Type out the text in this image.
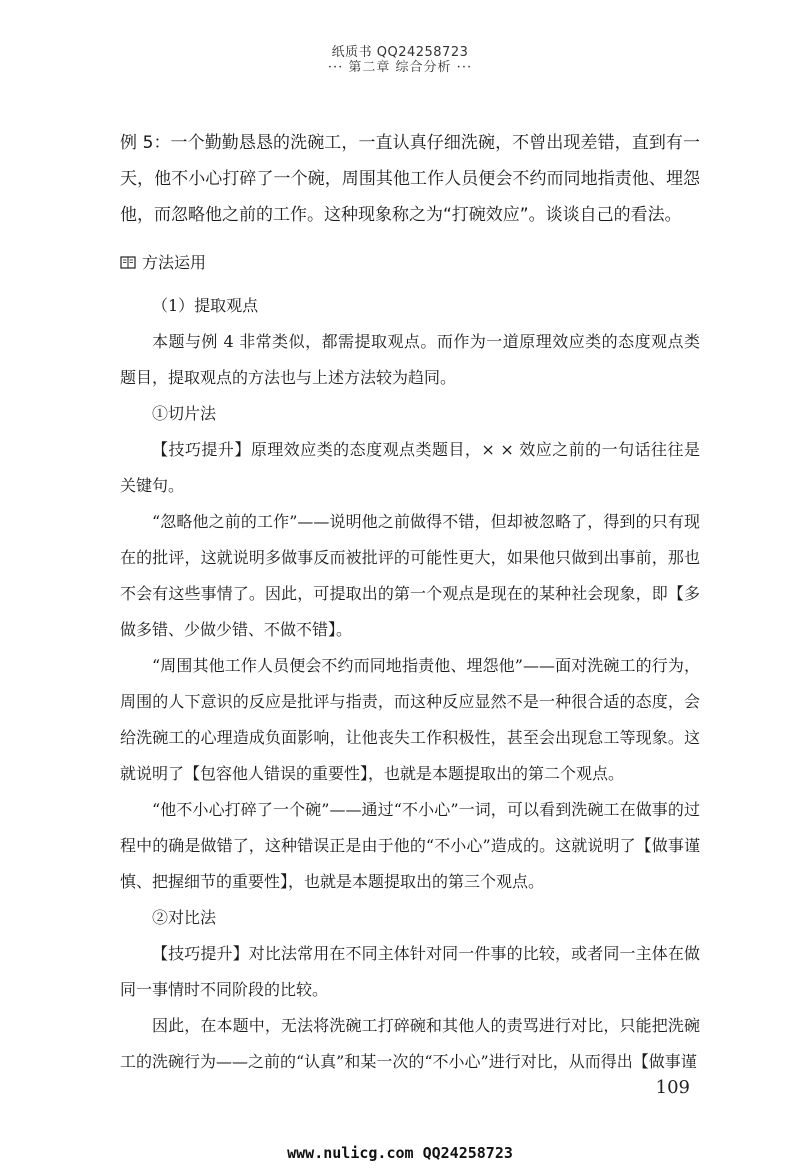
纸质书 QQ24258723
··· 第二章 综合分析 ···

例 5：一个勤勤恳恳的洗碗工，一直认真仔细洗碗，不曾出现差错，直到有一天，他不小心打碎了一个碗，周围其他工作人员便会不约而同地指责他、埋怨他，而忽略他之前的工作。这种现象称之为“打碗效应”。谈谈自己的看法。

方法运用

（1）提取观点

本题与例 4 非常类似，都需提取观点。而作为一道原理效应类的态度观点类题目，提取观点的方法也与上述方法较为趋同。

①切片法

【技巧提升】原理效应类的态度观点类题目，× × 效应之前的一句话往往是关键句。

“忽略他之前的工作”——说明他之前做得不错，但却被忽略了，得到的只有现在的批评，这就说明多做事反而被批评的可能性更大，如果他只做到出事前，那也不会有这些事情了。因此，可提取出的第一个观点是现在的某种社会现象，即【多做多错、少做少错、不做不错】。

“周围其他工作人员便会不约而同地指责他、埋怨他”——面对洗碗工的行为，周围的人下意识的反应是批评与指责，而这种反应显然不是一种很合适的态度，会给洗碗工的心理造成负面影响，让他丧失工作积极性，甚至会出现怠工等现象。这就说明了【包容他人错误的重要性】，也就是本题提取出的第二个观点。

“他不小心打碎了一个碗”——通过“不小心”一词，可以看到洗碗工在做事的过程中的确是做错了，这种错误正是由于他的“不小心”造成的。这就说明了【做事谨慎、把握细节的重要性】，也就是本题提取出的第三个观点。

②对比法

【技巧提升】对比法常用在不同主体针对同一件事的比较，或者同一主体在做同一事情时不同阶段的比较。

因此，在本题中，无法将洗碗工打碎碗和其他人的责骂进行对比，只能把洗碗工的洗碗行为——之前的“认真”和某一次的“不小心”进行对比，从而得出【做事谨

109
www.nulicg.com QQ24258723
